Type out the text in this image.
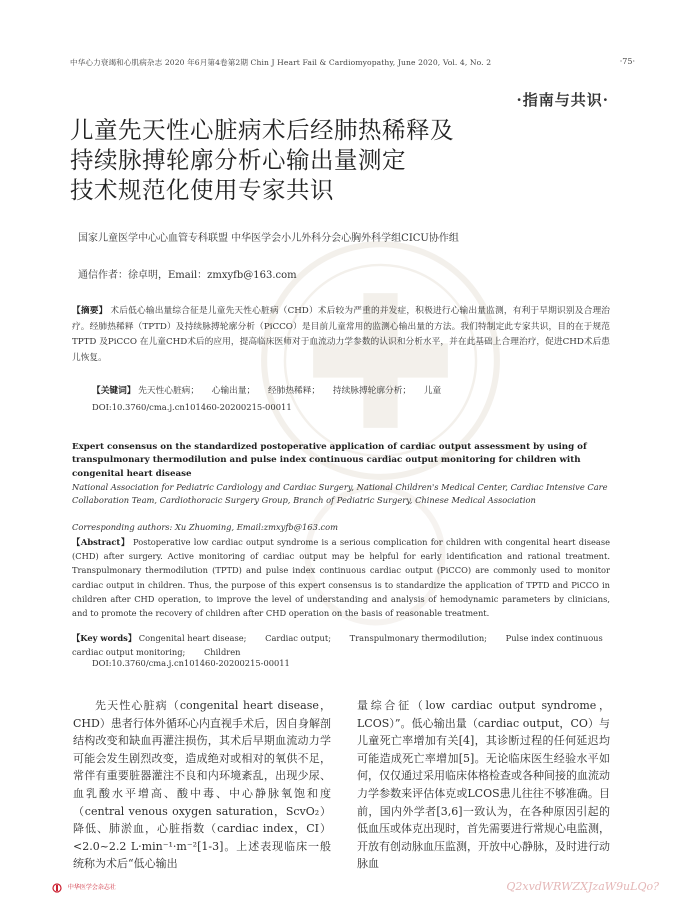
中华心力衰竭和心肌病杂志 2020 年6月第4卷第2期 Chin J Heart Fail & Cardiomyopathy, June 2020, Vol. 4, No. 2	·75·
·指南与共识·
儿童先天性心脏病术后经肺热稀释及
持续脉搏轮廓分析心输出量测定
技术规范化使用专家共识
国家儿童医学中心心血管专科联盟 中华医学会小儿外科分会心胸外科学组CICU协作组
通信作者：徐卓明，Email：zmxyfb@163.com
【摘要】 术后低心输出量综合征是儿童先天性心脏病（CHD）术后较为严重的并发症，积极进行心输出量监测，有利于早期识别及合理治疗。经肺热稀释（TPTD）及持续脉搏轮廓分析（PiCCO）是目前儿童常用的监测心输出量的方法。我们特制定此专家共识，目的在于规范TPTD 及PiCCO 在儿童CHD术后的应用，提高临床医师对于血流动力学参数的认识和分析水平，并在此基础上合理治疗，促进CHD术后患儿恢复。
【关键词】 先天性心脏病； 心输出量； 经肺热稀释； 持续脉搏轮廓分析； 儿童
DOI:10.3760/cma.j.cn101460-20200215-00011
Expert consensus on the standardized postoperative application of cardiac output assessment by using of transpulmonary thermodilution and pulse index continuous cardiac output monitoring for children with congenital heart disease
National Association for Pediatric Cardiology and Cardiac Surgery, National Children's Medical Center, Cardiac Intensive Care Collaboration Team, Cardiothoracic Surgery Group, Branch of Pediatric Surgery, Chinese Medical Association
Corresponding authors: Xu Zhuoming, Email:zmxyfb@163.com
【Abstract】 Postoperative low cardiac output syndrome is a serious complication for children with congenital heart disease (CHD) after surgery. Active monitoring of cardiac output may be helpful for early identification and rational treatment. Transpulmonary thermodilution (TPTD) and pulse index continuous cardiac output (PiCCO) are commonly used to monitor cardiac output in children. Thus, the purpose of this expert consensus is to standardize the application of TPTD and PiCCO in children after CHD operation, to improve the level of understanding and analysis of hemodynamic parameters by clinicians, and to promote the recovery of children after CHD operation on the basis of reasonable treatment.
【Key words】 Congenital heart disease; Cardiac output; Transpulmonary thermodilution; Pulse index continuous cardiac output monitoring; Children
DOI:10.3760/cma.j.cn101460-20200215-00011

先天性心脏病（congenital heart disease，CHD）患者行体外循环心内直视手术后，因自身解剖结构改变和缺血再灌注损伤，其术后早期血流动力学可能会发生剧烈改变，造成绝对或相对的氧供不足，常伴有重要脏器灌注不良和内环境紊乱，出现少尿、血乳酸水平增高、酸中毒、中心静脉氧饱和度（central venous oxygen saturation，ScvO₂）降低、肺淤血，心脏指数（cardiac index，CI）<2.0~2.2 L·min⁻¹·m⁻²[1-3]。上述表现临床一般统称为术后“低心输出

量综合征（low cardiac output syndrome，LCOS）”。低心输出量（cardiac output，CO）与儿童死亡率增加有关[4]，其诊断过程的任何延迟均可能造成死亡率增加[5]。无论临床医生经验水平如何，仅仅通过采用临床体格检查或各种间接的血流动力学参数来评估体克或LCOS患儿往往不够准确。目前，国内外学者[3,6]一致认为，在各种原因引起的低血压或体克出现时，首先需要进行常规心电监测，开放有创动脉血压监测，开放中心静脉，及时进行动脉血

中华医学会杂志社	Q2xvdWRWZXJzaW9uLQo?
